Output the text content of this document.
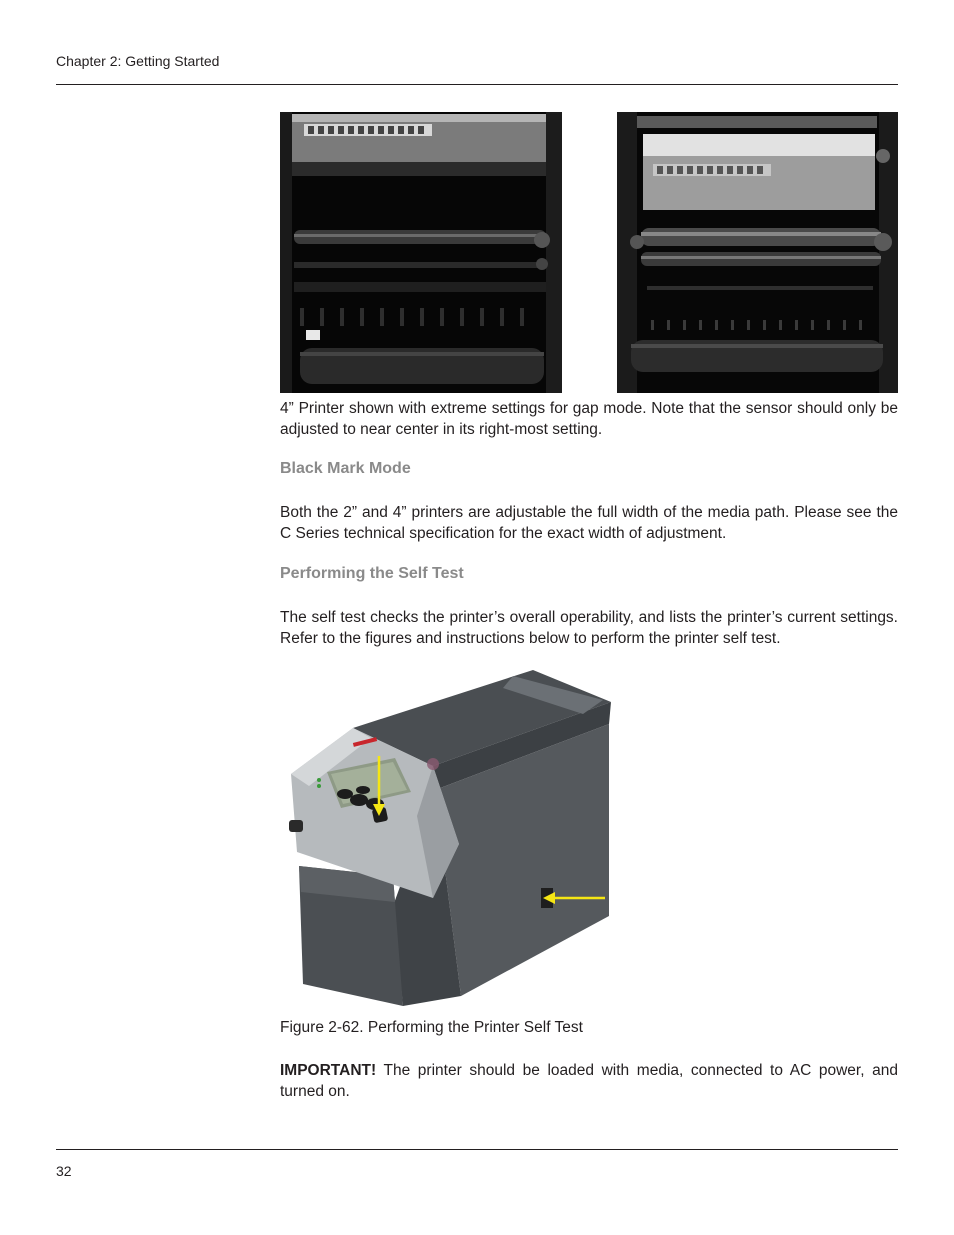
Chapter 2: Getting Started
4” Printer shown with extreme settings for gap mode. Note that the sensor should only be adjusted to near center in its right-most setting.
Black Mark Mode
Both the 2” and 4” printers are adjustable the full width of the media path. Please see the C Series technical specification for the exact width of adjustment.
Performing the Self Test
The self test checks the printer’s overall operability, and lists the printer’s current settings. Refer to the figures and instructions below to perform the printer self test.
Figure 2-62. Performing the Printer Self Test
IMPORTANT! The printer should be loaded with media, connected to AC power, and turned on.
32
